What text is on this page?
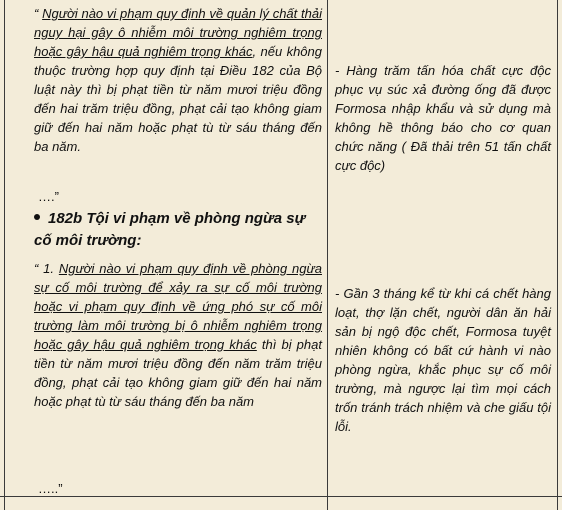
“ Người nào vi phạm quy định về quản lý chất thải nguy hại gây ô nhiễm môi trường nghiêm trọng hoặc gây hậu quả nghiêm trọng khác, nếu không thuộc trường hợp quy định tại Điều 182 của Bộ luật này thì bị phạt tiền từ năm mươi triệu đồng đến hai trăm triệu đồng, phạt cải tạo không giam giữ đến hai năm hoặc phạt tù từ sáu tháng đến ba năm.
….”
182b Tội vi phạm về phòng ngừa sự cố môi trường:
“ 1. Người nào vi phạm quy định về phòng ngừa sự cố môi trường để xảy ra sự cố môi trường hoặc vi phạm quy định về ứng phó sự cố môi trường làm môi trường bị ô nhiễm nghiêm trọng hoặc gây hậu quả nghiêm trọng khác thì bị phạt tiền từ năm mươi triệu đồng đến năm trăm triệu đồng, phạt cải tạo không giam giữ đến hai năm hoặc phạt tù từ sáu tháng đến ba năm
…..”
- Hàng trăm tấn hóa chất cực độc phục vụ súc xả đường ống đã được Formosa nhập khẩu và sử dụng mà không hề thông báo cho cơ quan chức năng ( Đã thải trên 51 tấn chất cực độc)
- Gần 3 tháng kể từ khi cá chết hàng loạt, thợ lặn chết, người dân ăn hải sản bị ngộ độc chết, Formosa tuyệt nhiên không có bất cứ hành vi nào phòng ngừa, khắc phục sự cố môi trường, mà ngược lại tìm mọi cách trốn tránh trách nhiệm và che giấu tội lỗi.
